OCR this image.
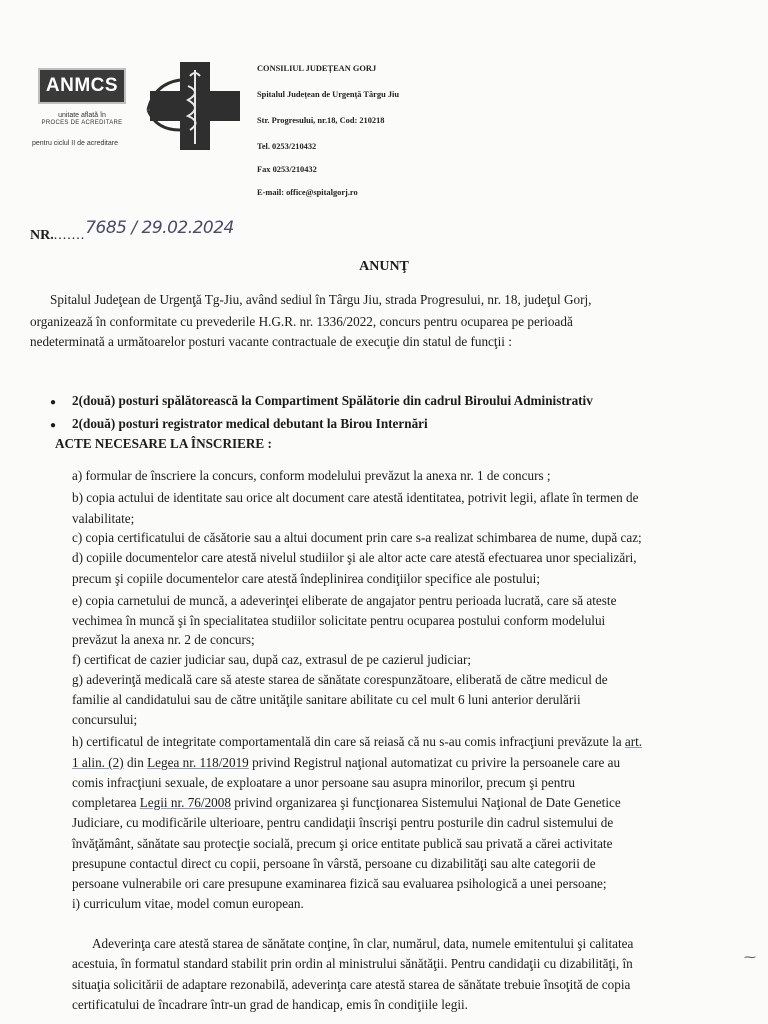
ANMCS
unitate aflată în
PROCES DE ACREDITARE
pentru ciclul II de acreditare
CONSILIUL JUDEȚEAN GORJ
Spitalul Județean de Urgență Târgu Jiu
Str. Progresului, nr.18, Cod: 210218
Tel. 0253/210432
Fax 0253/210432
E-mail: office@spitalgorj.ro
NR........7685 / 29.02.2024
ANUNŢ
Spitalul Judeţean de Urgenţă Tg-Jiu, având sediul în Târgu Jiu, strada Progresului, nr. 18, judeţul Gorj,
organizează în conformitate cu prevederile H.G.R. nr. 1336/2022, concurs pentru ocuparea pe perioadă
nedeterminată a următoarelor posturi vacante contractuale de execuţie din statul de funcţii :
● 2(două) posturi spălătorească la Compartiment Spălătorie din cadrul Biroului Administrativ
● 2(două) posturi registrator medical debutant la Birou Internări
ACTE NECESARE LA ÎNSCRIERE :
a) formular de înscriere la concurs, conform modelului prevăzut la anexa nr. 1 de concurs ;
b) copia actului de identitate sau orice alt document care atestă identitatea, potrivit legii, aflate în termen de
valabilitate;
c) copia certificatului de căsătorie sau a altui document prin care s-a realizat schimbarea de nume, după caz;
d) copiile documentelor care atestă nivelul studiilor şi ale altor acte care atestă efectuarea unor specializări,
precum şi copiile documentelor care atestă îndeplinirea condiţiilor specifice ale postului;
e) copia carnetului de muncă, a adeverinţei eliberate de angajator pentru perioada lucrată, care să ateste
vechimea în muncă şi în specialitatea studiilor solicitate pentru ocuparea postului conform modelului
prevăzut la anexa nr. 2 de concurs;
f) certificat de cazier judiciar sau, după caz, extrasul de pe cazierul judiciar;
g) adeverinţă medicală care să ateste starea de sănătate corespunzătoare, eliberată de către medicul de
familie al candidatului sau de către unităţile sanitare abilitate cu cel mult 6 luni anterior derulării
concursului;
h) certificatul de integritate comportamentală din care să reiasă că nu s-au comis infracţiuni prevăzute la art.
1 alin. (2) din Legea nr. 118/2019 privind Registrul naţional automatizat cu privire la persoanele care au
comis infracţiuni sexuale, de exploatare a unor persoane sau asupra minorilor, precum şi pentru
completarea Legii nr. 76/2008 privind organizarea şi funcţionarea Sistemului Naţional de Date Genetice
Judiciare, cu modificările ulterioare, pentru candidaţii înscrişi pentru posturile din cadrul sistemului de
învăţământ, sănătate sau protecţie socială, precum şi orice entitate publică sau privată a cărei activitate
presupune contactul direct cu copii, persoane în vârstă, persoane cu dizabilităţi sau alte categorii de
persoane vulnerabile ori care presupune examinarea fizică sau evaluarea psihologică a unei persoane;
i) curriculum vitae, model comun european.
Adeverinţa care atestă starea de sănătate conţine, în clar, numărul, data, numele emitentului şi calitatea
acestuia, în formatul standard stabilit prin ordin al ministrului sănătăţii. Pentru candidaţii cu dizabilităţi, în
situaţia solicitării de adaptare rezonabilă, adeverinţa care atestă starea de sănătate trebuie însoţită de copia
certificatului de încadrare într-un grad de handicap, emis în condiţiile legii.
⁓
